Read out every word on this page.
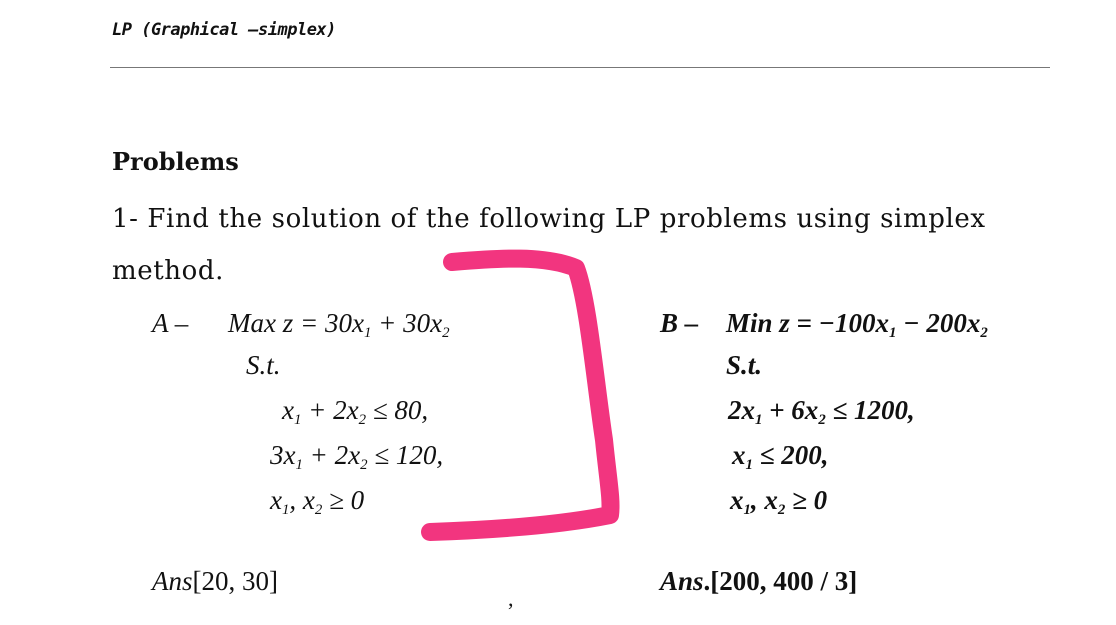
LP (Graphical –simplex)
Problems
1- Find the solution of the following LP problems using simplex method.
A – Max $z = 30x_1 + 30x_2$
S.t.
$x_1 + 2x_2 \le 80$,
$3x_1 + 2x_2 \le 120$,
$x_1$, $x_2 \ge 0$
Ans[20, 30]
B – Min $z = -100x_1 - 200x_2$
S.t.
$2x_1 + 6x_2 \le 1200$,
$x_1 \le 200$,
$x_1$, $x_2 \ge 0$
Ans.[200, 400 / 3]
,
